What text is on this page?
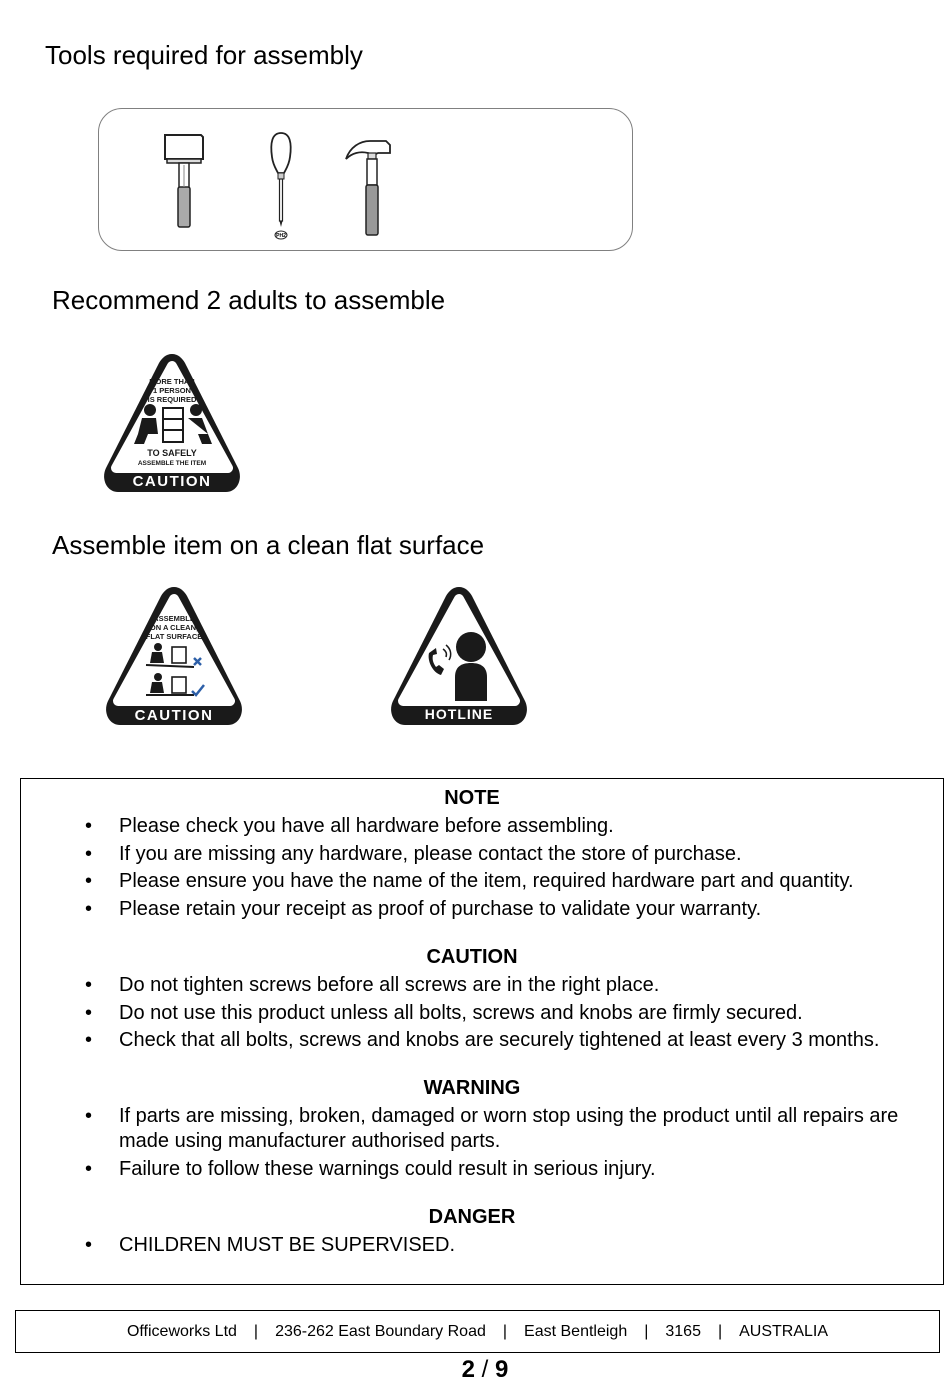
Tools required for assembly
Recommend 2 adults to assemble
Assemble item on a clean flat surface
PH2
MORE THAN
1 PERSON
IS REQUIRED
TO SAFELY
ASSEMBLE THE ITEM
CAUTION
ASSEMBLE
ON A CLEAN,
FLAT SURFACE
CAUTION	HOTLINE
NOTE
• Please check you have all hardware before assembling.
• If you are missing any hardware, please contact the store of purchase.
• Please ensure you have the name of the item, required hardware part and quantity.
• Please retain your receipt as proof of purchase to validate your warranty.
CAUTION
• Do not tighten screws before all screws are in the right place.
• Do not use this product unless all bolts, screws and knobs are firmly secured.
• Check that all bolts, screws and knobs are securely tightened at least every 3 months.
WARNING
• If parts are missing, broken, damaged or worn stop using the product until all repairs are made using manufacturer authorised parts.
• Failure to follow these warnings could result in serious injury.
DANGER
• CHILDREN MUST BE SUPERVISED.
Officeworks Ltd	|	236-262 East Boundary Road	|	East Bentleigh	|	3165	|	AUSTRALIA
2 / 9
